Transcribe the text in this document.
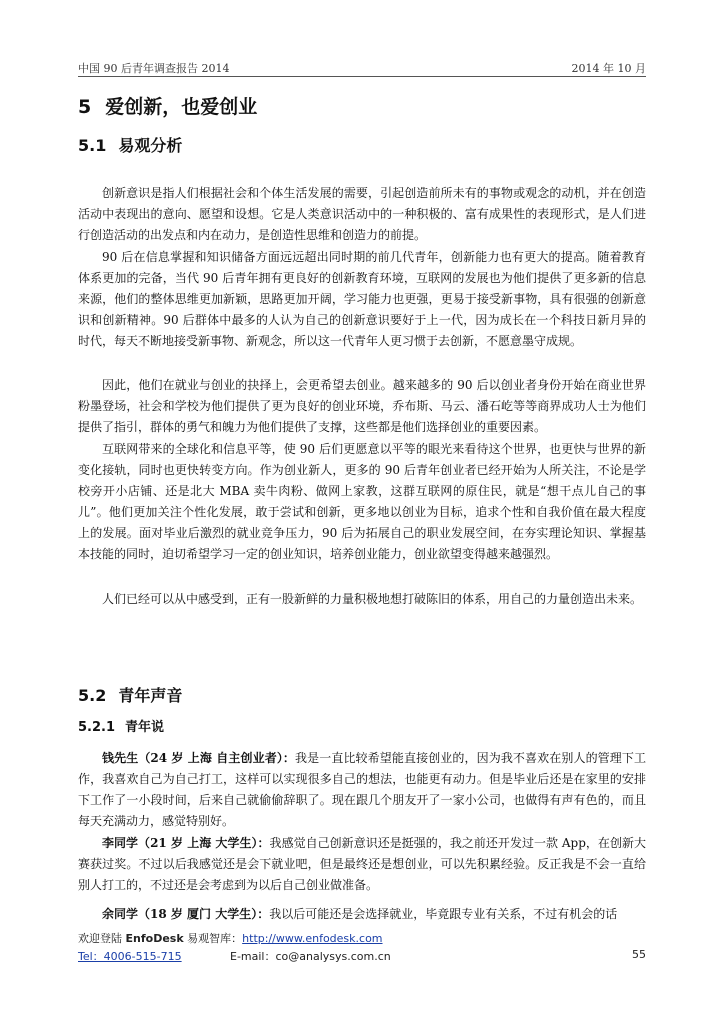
中国 90 后青年调查报告 2014	2014 年 10 月
5 爱创新，也爱创业
5.1 易观分析

创新意识是指人们根据社会和个体生活发展的需要，引起创造前所未有的事物或观念的动机，并在创造活动中表现出的意向、愿望和设想。它是人类意识活动中的一种积极的、富有成果性的表现形式，是人们进行创造活动的出发点和内在动力，是创造性思维和创造力的前提。

90 后在信息掌握和知识储备方面远远超出同时期的前几代青年，创新能力也有更大的提高。随着教育体系更加的完备，当代 90 后青年拥有更良好的创新教育环境，互联网的发展也为他们提供了更多新的信息来源，他们的整体思维更加新颖，思路更加开阔，学习能力也更强，更易于接受新事物，具有很强的创新意识和创新精神。90 后群体中最多的人认为自己的创新意识要好于上一代，因为成长在一个科技日新月异的时代，每天不断地接受新事物、新观念，所以这一代青年人更习惯于去创新，不愿意墨守成规。

因此，他们在就业与创业的抉择上，会更希望去创业。越来越多的 90 后以创业者身份开始在商业世界粉墨登场，社会和学校为他们提供了更为良好的创业环境，乔布斯、马云、潘石屹等等商界成功人士为他们提供了指引，群体的勇气和魄力为他们提供了支撑，这些都是他们选择创业的重要因素。

互联网带来的全球化和信息平等，使 90 后们更愿意以平等的眼光来看待这个世界，也更快与世界的新变化接轨，同时也更快转变方向。作为创业新人，更多的 90 后青年创业者已经开始为人所关注，不论是学校旁开小店铺、还是北大 MBA 卖牛肉粉、做网上家教，这群互联网的原住民，就是“想干点儿自己的事儿”。他们更加关注个性化发展，敢于尝试和创新，更多地以创业为目标，追求个性和自我价值在最大程度上的发展。面对毕业后激烈的就业竞争压力，90 后为拓展自己的职业发展空间，在夯实理论知识、掌握基本技能的同时，迫切希望学习一定的创业知识，培养创业能力，创业欲望变得越来越强烈。

人们已经可以从中感受到，正有一股新鲜的力量积极地想打破陈旧的体系，用自己的力量创造出未来。

5.2 青年声音
5.2.1 青年说

钱先生（24 岁 上海 自主创业者）：我是一直比较希望能直接创业的，因为我不喜欢在别人的管理下工作，我喜欢自己为自己打工，这样可以实现很多自己的想法，也能更有动力。但是毕业后还是在家里的安排下工作了一小段时间，后来自己就偷偷辞职了。现在跟几个朋友开了一家小公司，也做得有声有色的，而且每天充满动力，感觉特别好。

李同学（21 岁 上海 大学生）：我感觉自己创新意识还是挺强的，我之前还开发过一款 App，在创新大赛获过奖。不过以后我感觉还是会下就业吧，但是最终还是想创业，可以先积累经验。反正我是不会一直给别人打工的，不过还是会考虑到为以后自己创业做准备。

余同学（18 岁 厦门 大学生）：我以后可能还是会选择就业，毕竟跟专业有关系，不过有机会的话

欢迎登陆 EnfoDesk 易观智库：http://www.enfodesk.com
Tel：4006-515-715	E-mail：co@analysys.com.cn	55
